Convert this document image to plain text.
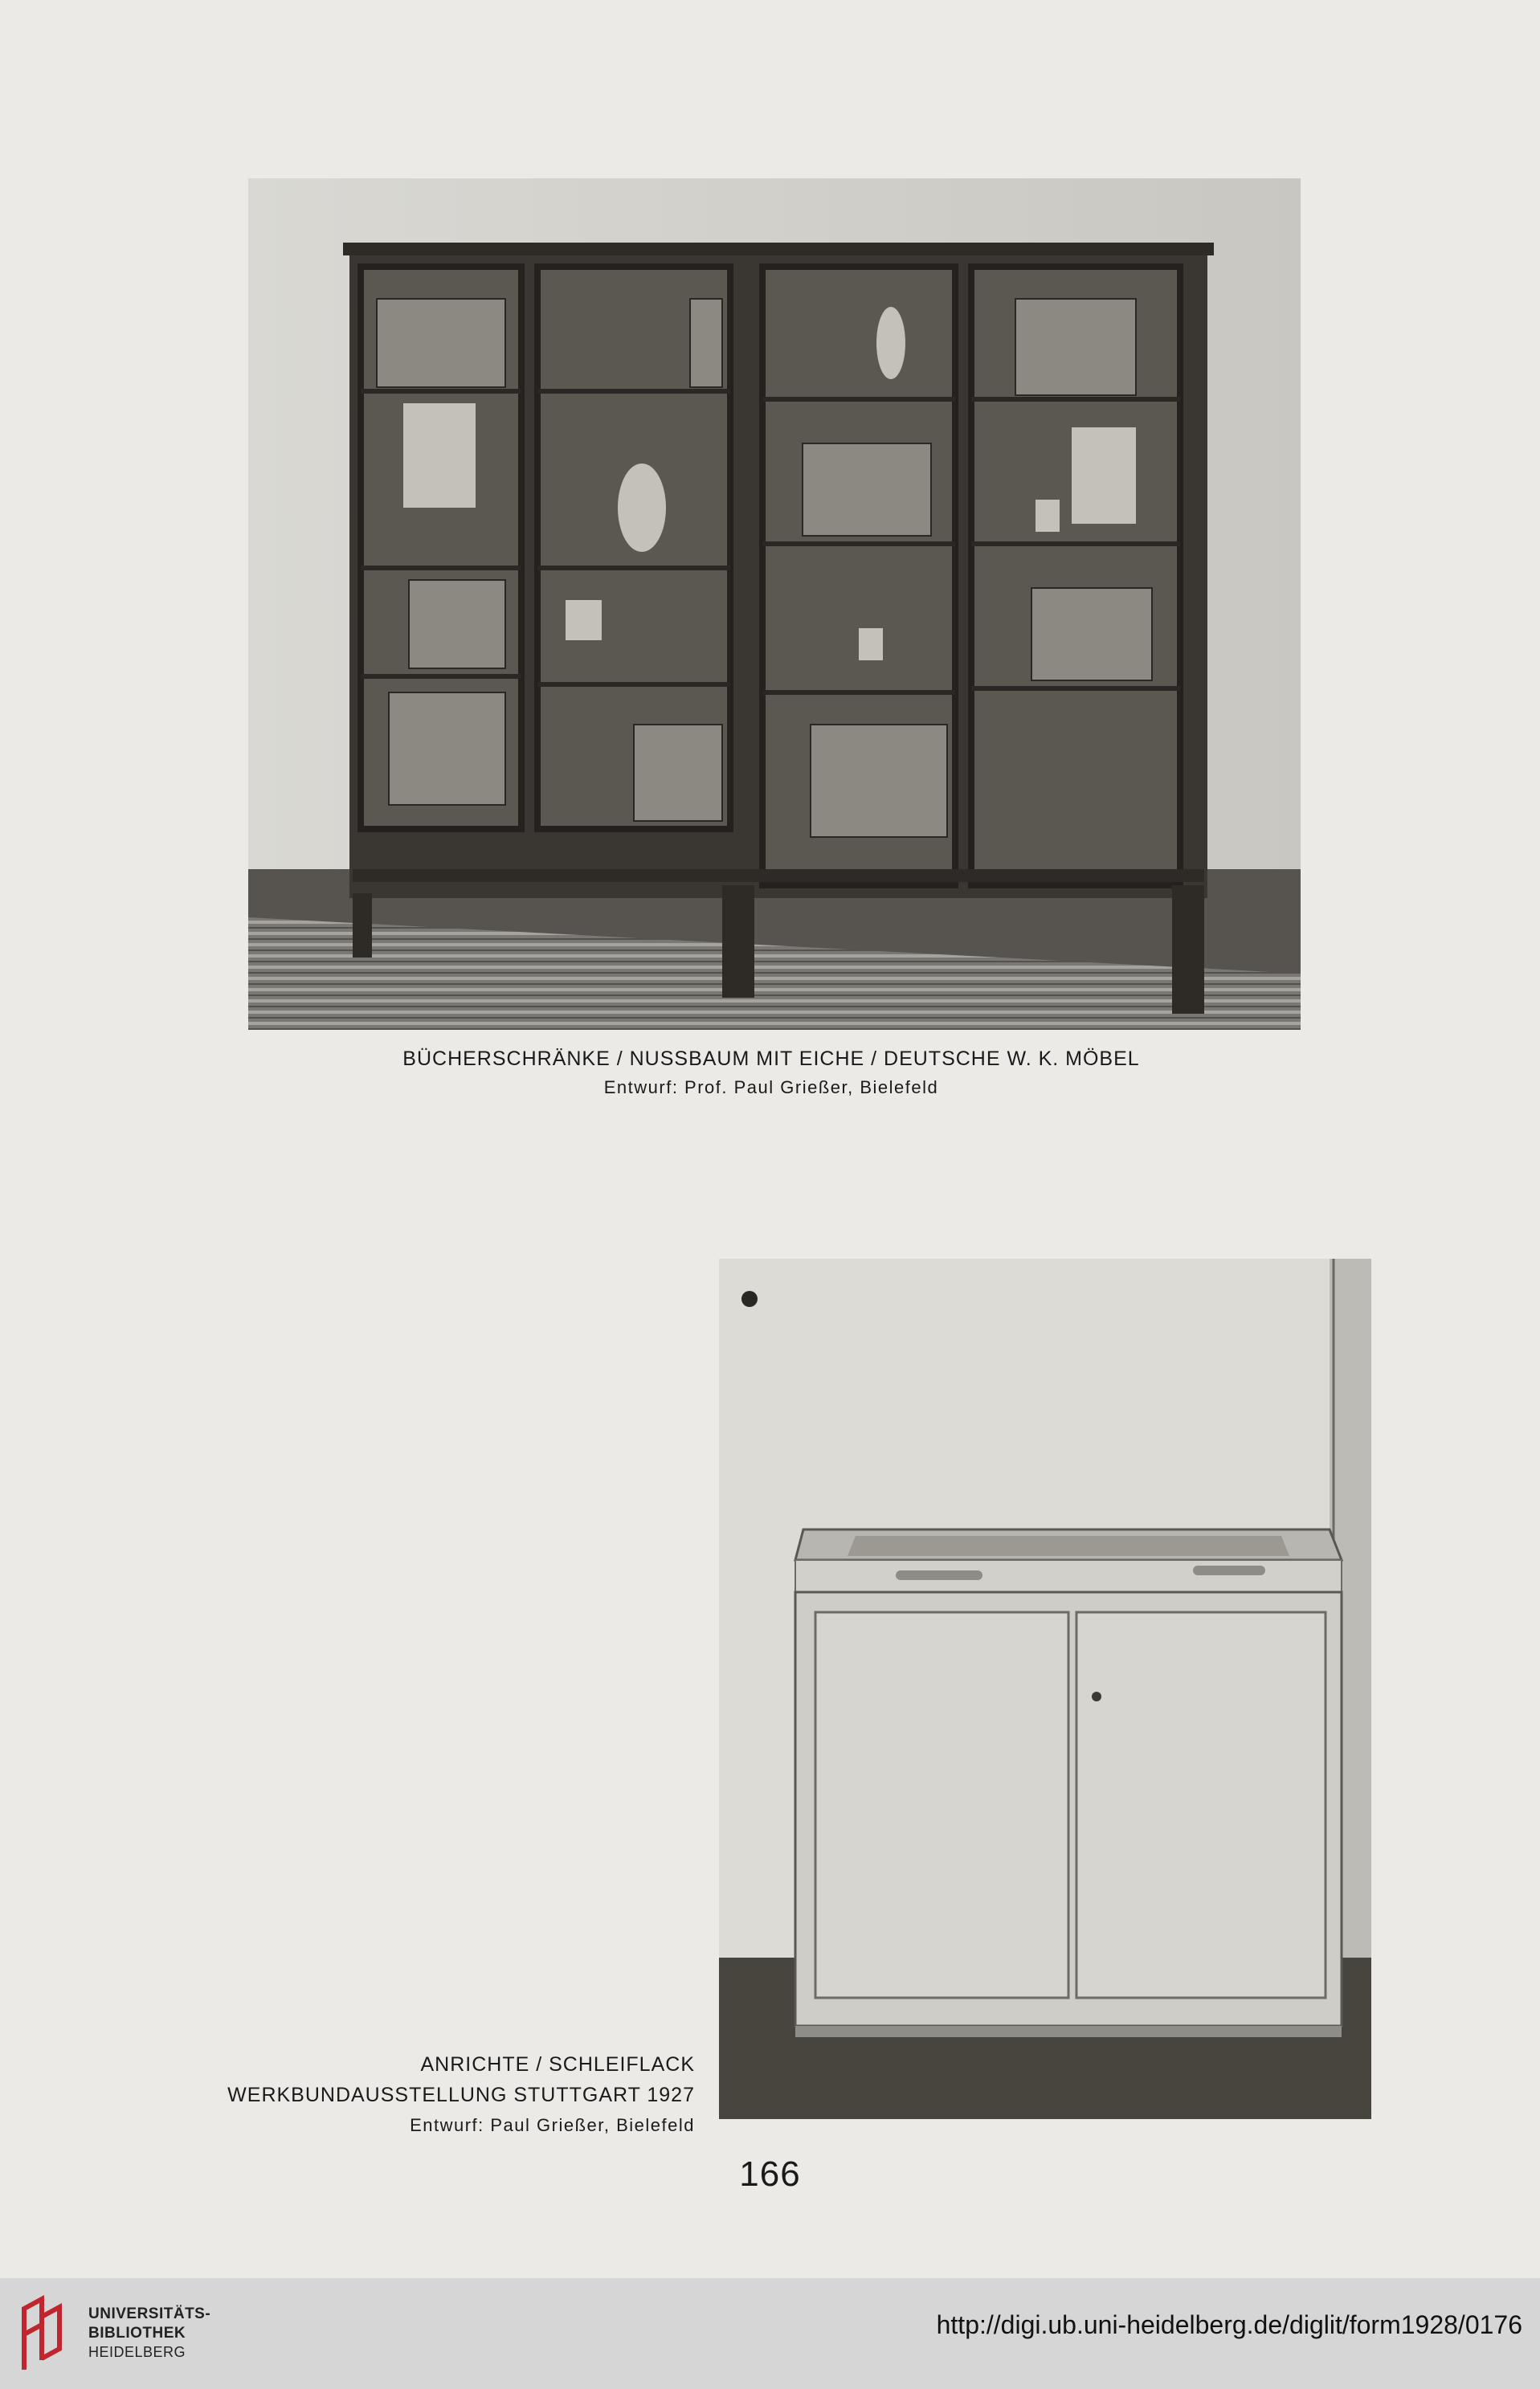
BÜCHERSCHRÄNKE / NUSSBAUM MIT EICHE / DEUTSCHE W. K. MÖBEL
Entwurf: Prof. Paul Grießer, Bielefeld
ANRICHTE / SCHLEIFLACK
WERKBUNDAUSSTELLUNG STUTTGART 1927
Entwurf: Paul Grießer, Bielefeld
166
UNIVERSITÄTS-
BIBLIOTHEK
HEIDELBERG
http://digi.ub.uni-heidelberg.de/diglit/form1928/0176
